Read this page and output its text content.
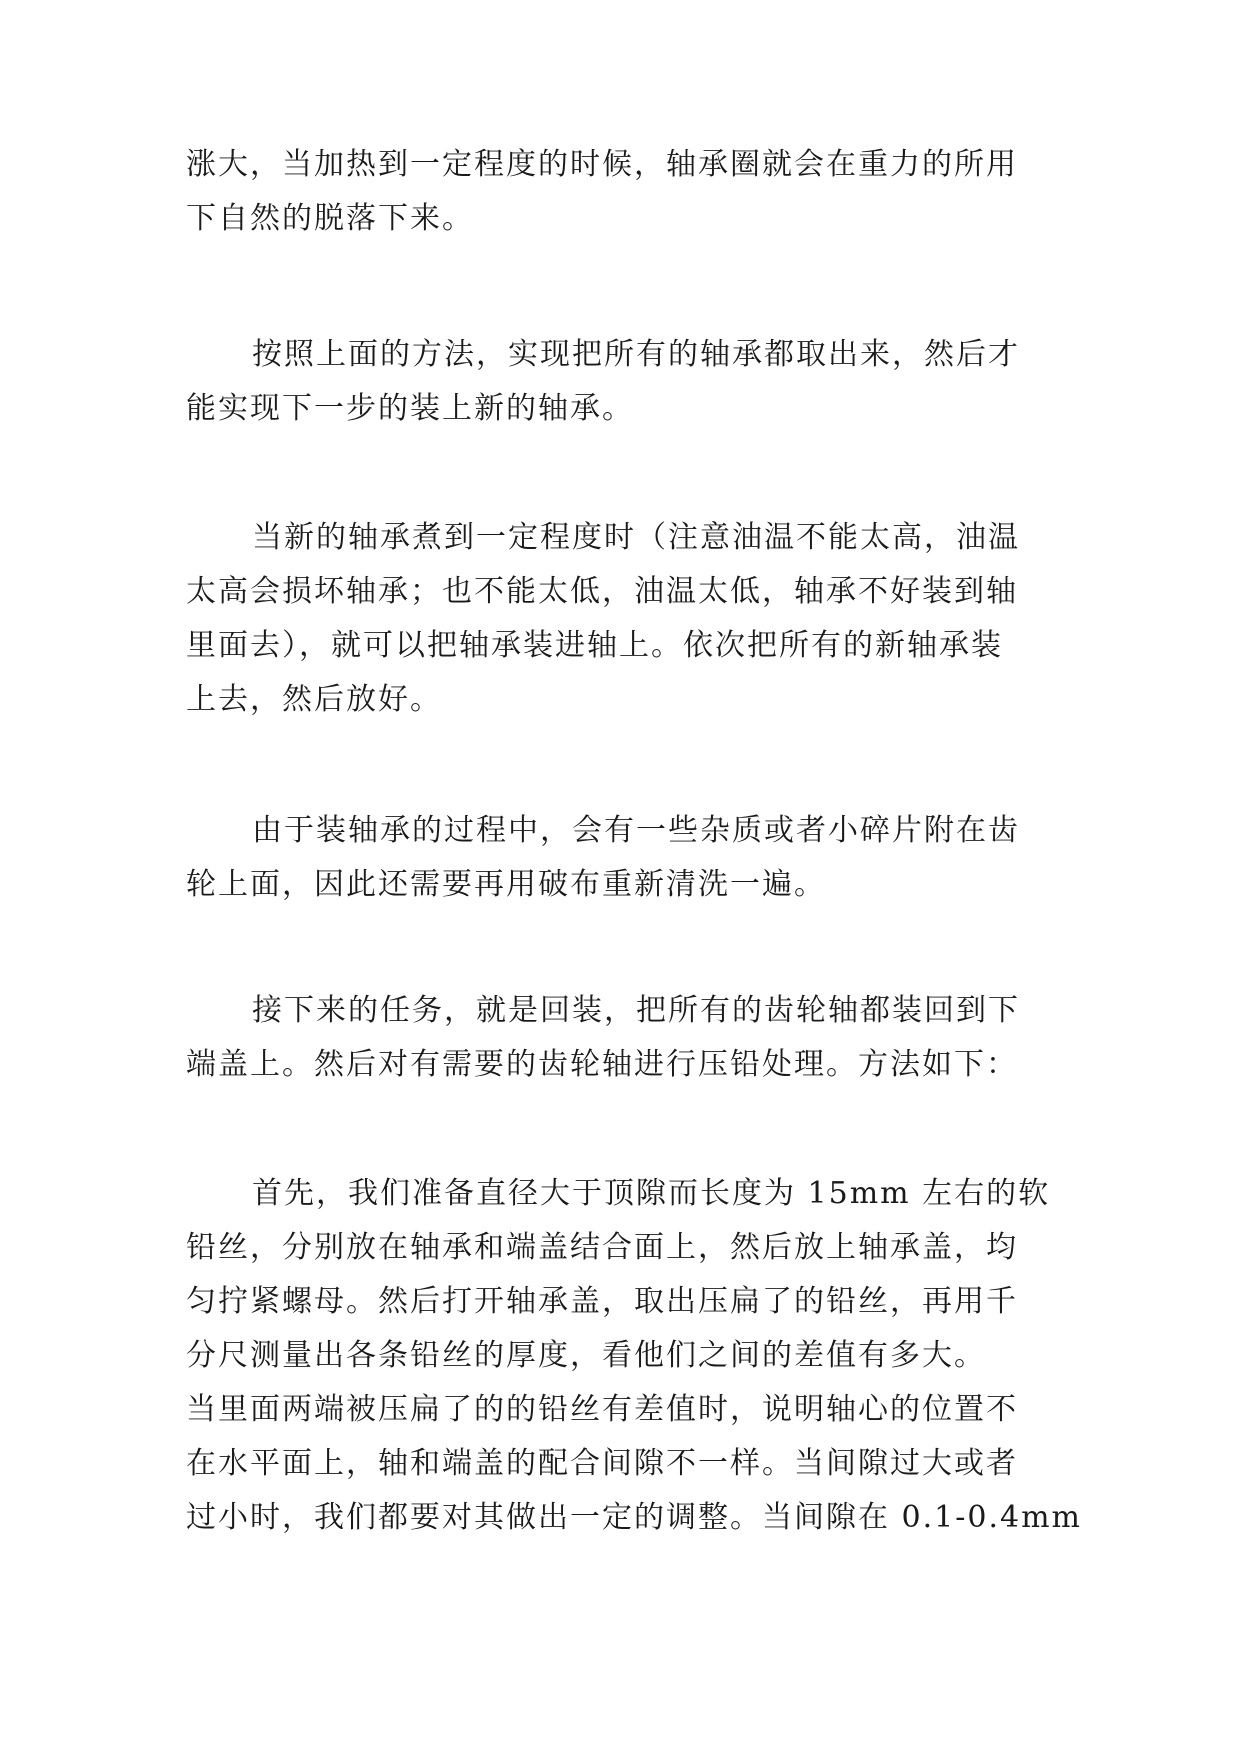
涨大，当加热到一定程度的时候，轴承圈就会在重力的所用
下自然的脱落下来。
按照上面的方法，实现把所有的轴承都取出来，然后才
能实现下一步的装上新的轴承。
当新的轴承煮到一定程度时（注意油温不能太高，油温
太高会损坏轴承；也不能太低，油温太低，轴承不好装到轴
里面去），就可以把轴承装进轴上。依次把所有的新轴承装
上去，然后放好。
由于装轴承的过程中，会有一些杂质或者小碎片附在齿
轮上面，因此还需要再用破布重新清洗一遍。
接下来的任务，就是回装，把所有的齿轮轴都装回到下
端盖上。然后对有需要的齿轮轴进行压铅处理。方法如下：
首先，我们准备直径大于顶隙而长度为 15mm 左右的软
铅丝，分别放在轴承和端盖结合面上，然后放上轴承盖，均
匀拧紧螺母。然后打开轴承盖，取出压扁了的铅丝，再用千
分尺测量出各条铅丝的厚度，看他们之间的差值有多大。
当里面两端被压扁了的的铅丝有差值时，说明轴心的位置不
在水平面上，轴和端盖的配合间隙不一样。当间隙过大或者
过小时，我们都要对其做出一定的调整。当间隙在 0.1-0.4mm
